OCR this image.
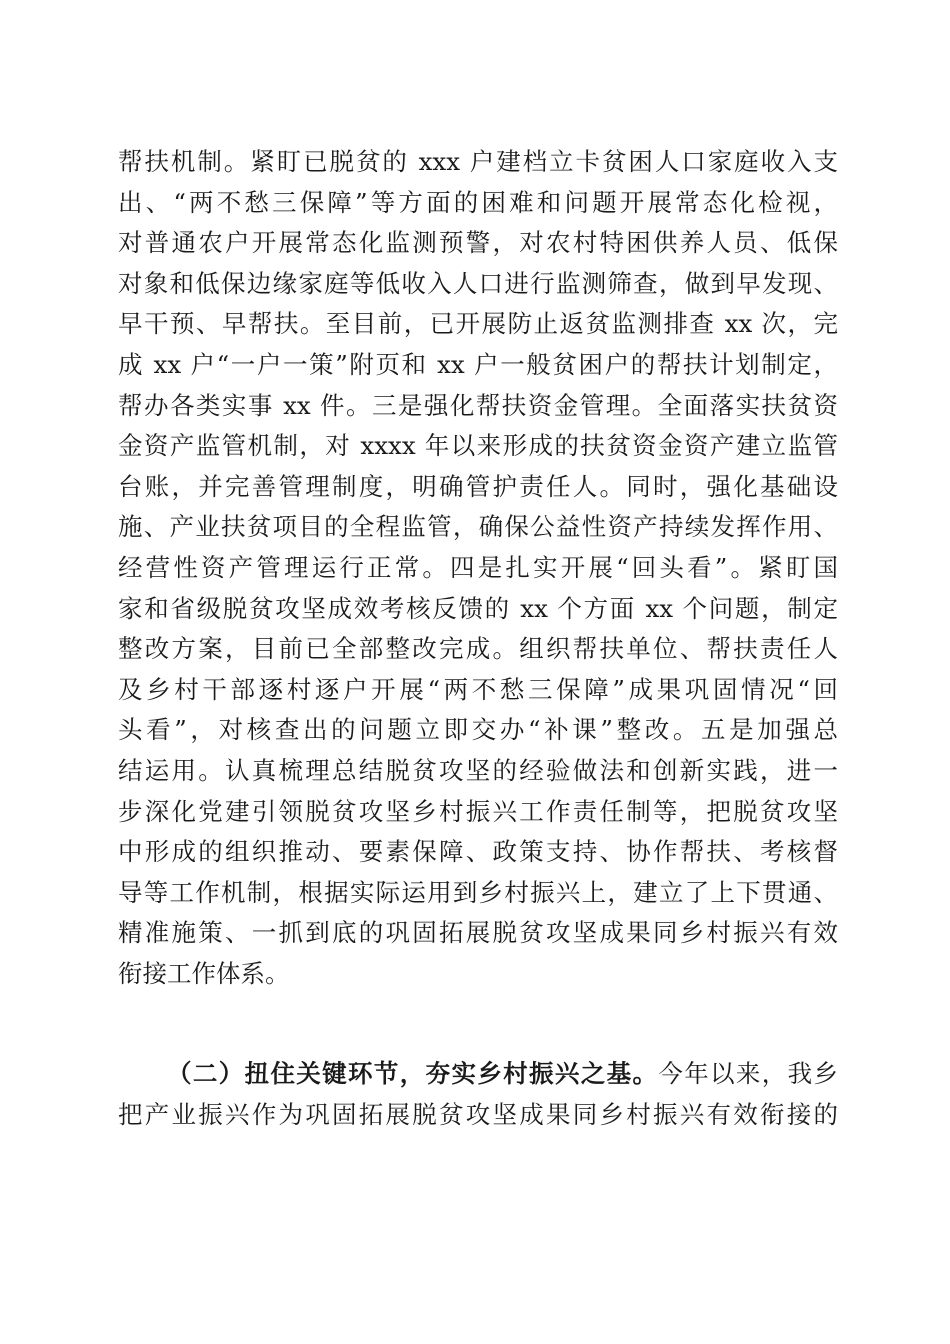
帮扶机制。紧盯已脱贫的 xxx 户建档立卡贫困人口家庭收入支
出、“两不愁三保障”等方面的困难和问题开展常态化检视，
对普通农户开展常态化监测预警，对农村特困供养人员、低保
对象和低保边缘家庭等低收入人口进行监测筛查，做到早发现、
早干预、早帮扶。至目前，已开展防止返贫监测排查 xx 次，完
成 xx 户“一户一策”附页和 xx 户一般贫困户的帮扶计划制定，
帮办各类实事 xx 件。三是强化帮扶资金管理。全面落实扶贫资
金资产监管机制，对 xxxx 年以来形成的扶贫资金资产建立监管
台账，并完善管理制度，明确管护责任人。同时，强化基础设
施、产业扶贫项目的全程监管，确保公益性资产持续发挥作用、
经营性资产管理运行正常。四是扎实开展“回头看”。紧盯国
家和省级脱贫攻坚成效考核反馈的 xx 个方面 xx 个问题，制定
整改方案，目前已全部整改完成。组织帮扶单位、帮扶责任人
及乡村干部逐村逐户开展“两不愁三保障”成果巩固情况“回
头看”，对核查出的问题立即交办“补课”整改。五是加强总
结运用。认真梳理总结脱贫攻坚的经验做法和创新实践，进一
步深化党建引领脱贫攻坚乡村振兴工作责任制等，把脱贫攻坚
中形成的组织推动、要素保障、政策支持、协作帮扶、考核督
导等工作机制，根据实际运用到乡村振兴上，建立了上下贯通、
精准施策、一抓到底的巩固拓展脱贫攻坚成果同乡村振兴有效
衔接工作体系。
（二）扭住关键环节，夯实乡村振兴之基。今年以来，我乡
把产业振兴作为巩固拓展脱贫攻坚成果同乡村振兴有效衔接的
